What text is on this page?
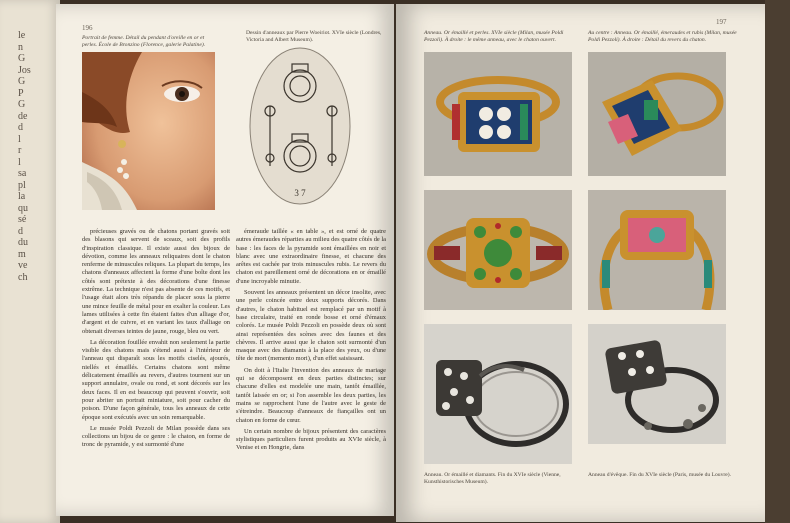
le
n
G
Jos
G
P
G
de
d
l
r
l
sa
pl
la
qu
sé
d
du
m
ve
ch
196
Portrait de femme. Détail du pendant d'oreille en or et perles. École de Bronzino (Florence, galerie Palatine).
Dessin d'anneaux par Pierre Woeiriot. XVIe siècle (Londres, Victoria and Albert Museum).
3 7

précieuses gravés ou de chatons portant gravés soit des blasons qui servent de sceaux, soit des profils d'inspiration classique. Il existe aussi des bijoux de dévotion, comme les anneaux reliquaires dont le chaton renferme de minuscules reliques. La plupart du temps, les chatons d'anneaux affectent la forme d'une boîte dont les côtés sont prétexte à des décorations d'une finesse extrême. La technique n'est pas absente de ces motifs, et l'usage était alors très répandu de placer sous la pierre une mince feuille de métal pour en exalter la couleur. Les lames utilisées à cette fin étaient faites d'un alliage d'or, d'argent et de cuivre, et en variant les taux d'alliage on obtenait diverses teintes de jaune, rouge, bleu ou vert.

La décoration fouillée envahit non seulement la partie visible des chatons mais s'étend aussi à l'intérieur de l'anneau qui disparaît sous les motifs ciselés, ajourés, niellés et émaillés. Certains chatons sont même délicatement émaillés au revers, d'autres tournent sur un support annulaire, ovale ou rond, et sont décorés sur les deux faces. Il en est beaucoup qui peuvent s'ouvrir, soit pour abriter un portrait miniature, soit pour cacher du poison. D'une façon générale, tous les anneaux de cette époque sont exécutés avec un soin remarquable.

Le musée Poldi Pezzoli de Milan possède dans ses collections un bijou de ce genre : le chaton, en forme de tronc de pyramide, y est surmonté d'une

émeraude taillée « en table », et est orné de quatre autres émeraudes réparties au milieu des quatre côtés de la base : les faces de la pyramide sont émaillées en noir et blanc avec une extraordinaire finesse, et chacune des arêtes est cachée par trois minuscules rubis. Le revers du chaton est pareillement orné de décorations en or émaillé d'une incroyable minutie.

Souvent les anneaux présentent un décor insolite, avec une perle coincée entre deux supports décorés. Dans d'autres, le chaton habituel est remplacé par un motif à base circulaire, traité en ronde bosse et orné d'émaux colorés. Le musée Poldi Pezzoli en possède deux où sont ainsi représentées des scènes avec des faunes et des chèvres. Il arrive aussi que le chaton soit surmonté d'un masque avec des diamants à la place des yeux, ou d'une tête de mort (memento mori), d'un effet saisissant.

On doit à l'Italie l'invention des anneaux de mariage qui se décomposent en deux parties distinctes; sur chacune d'elles est modelée une main, tantôt émaillée, tantôt laissée en or; si l'on assemble les deux parties, les mains se rapprochent l'une de l'autre avec le geste de s'étreindre. Beaucoup d'anneaux de fiançailles ont un chaton en forme de cœur.

Un certain nombre de bijoux présentent des caractères stylistiques particuliers furent produits au XVIe siècle, à Venise et en Hongrie, dans

197
Anneau. Or émaillé et perles. XVIe siècle (Milan, musée Poldi Pezzoli). À droite : le même anneau, avec le chaton ouvert.
Au centre : Anneau. Or émaillé, émeraudes et rubis (Milan, musée Poldi Pezzoli). À droite : Détail du revers du chaton.
Anneau. Or émaillé et diamants. Fin du XVIe siècle (Vienne, Kunsthistorisches Museum).
Anneau d'évêque. Fin du XVIe siècle (Paris, musée du Louvre).
